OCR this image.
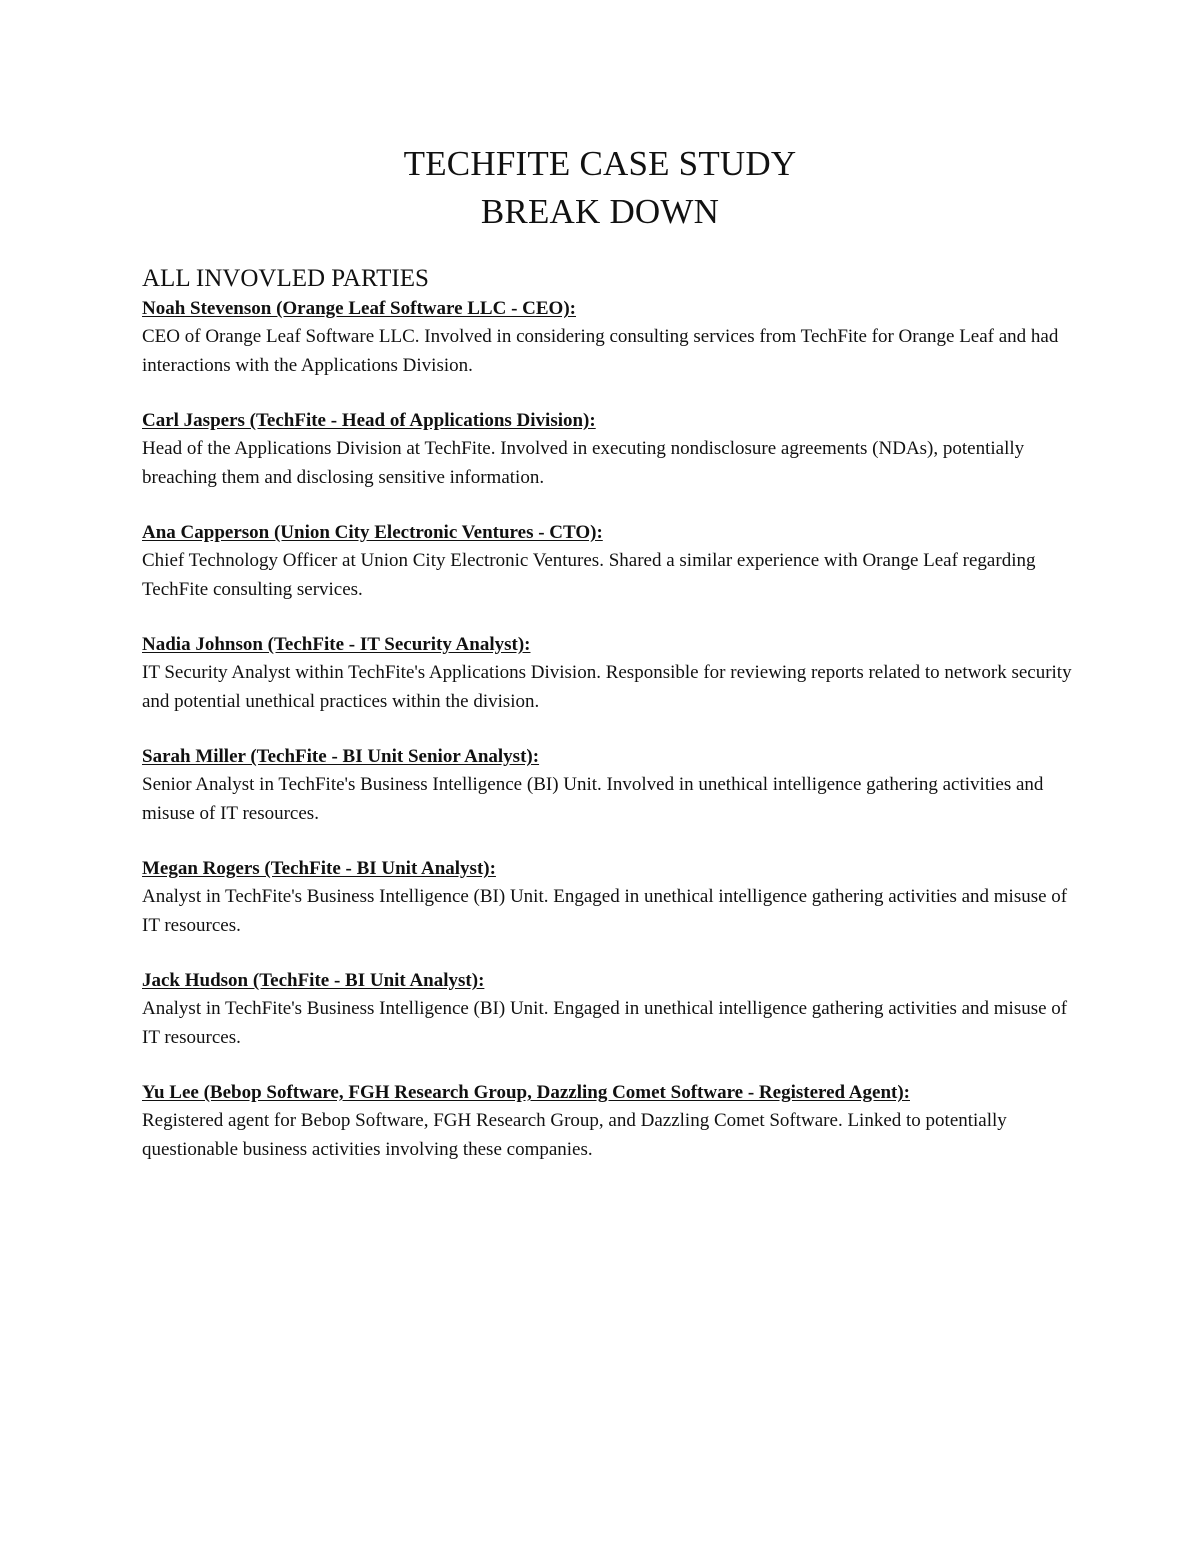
TECHFITE CASE STUDY
BREAK DOWN
ALL INVOVLED PARTIES
Noah Stevenson (Orange Leaf Software LLC - CEO):

CEO of Orange Leaf Software LLC. Involved in considering consulting services from TechFite for Orange Leaf and had interactions with the Applications Division.

Carl Jaspers (TechFite - Head of Applications Division):

Head of the Applications Division at TechFite. Involved in executing nondisclosure agreements (NDAs), potentially breaching them and disclosing sensitive information.

Ana Capperson (Union City Electronic Ventures - CTO):

Chief Technology Officer at Union City Electronic Ventures. Shared a similar experience with Orange Leaf regarding TechFite consulting services.

Nadia Johnson (TechFite - IT Security Analyst):

IT Security Analyst within TechFite's Applications Division. Responsible for reviewing reports related to network security and potential unethical practices within the division.

Sarah Miller (TechFite - BI Unit Senior Analyst):

Senior Analyst in TechFite's Business Intelligence (BI) Unit. Involved in unethical intelligence gathering activities and misuse of IT resources.

Megan Rogers (TechFite - BI Unit Analyst):

Analyst in TechFite's Business Intelligence (BI) Unit. Engaged in unethical intelligence gathering activities and misuse of IT resources.

Jack Hudson (TechFite - BI Unit Analyst):

Analyst in TechFite's Business Intelligence (BI) Unit. Engaged in unethical intelligence gathering activities and misuse of IT resources.

Yu Lee (Bebop Software, FGH Research Group, Dazzling Comet Software - Registered Agent):

Registered agent for Bebop Software, FGH Research Group, and Dazzling Comet Software. Linked to potentially questionable business activities involving these companies.
